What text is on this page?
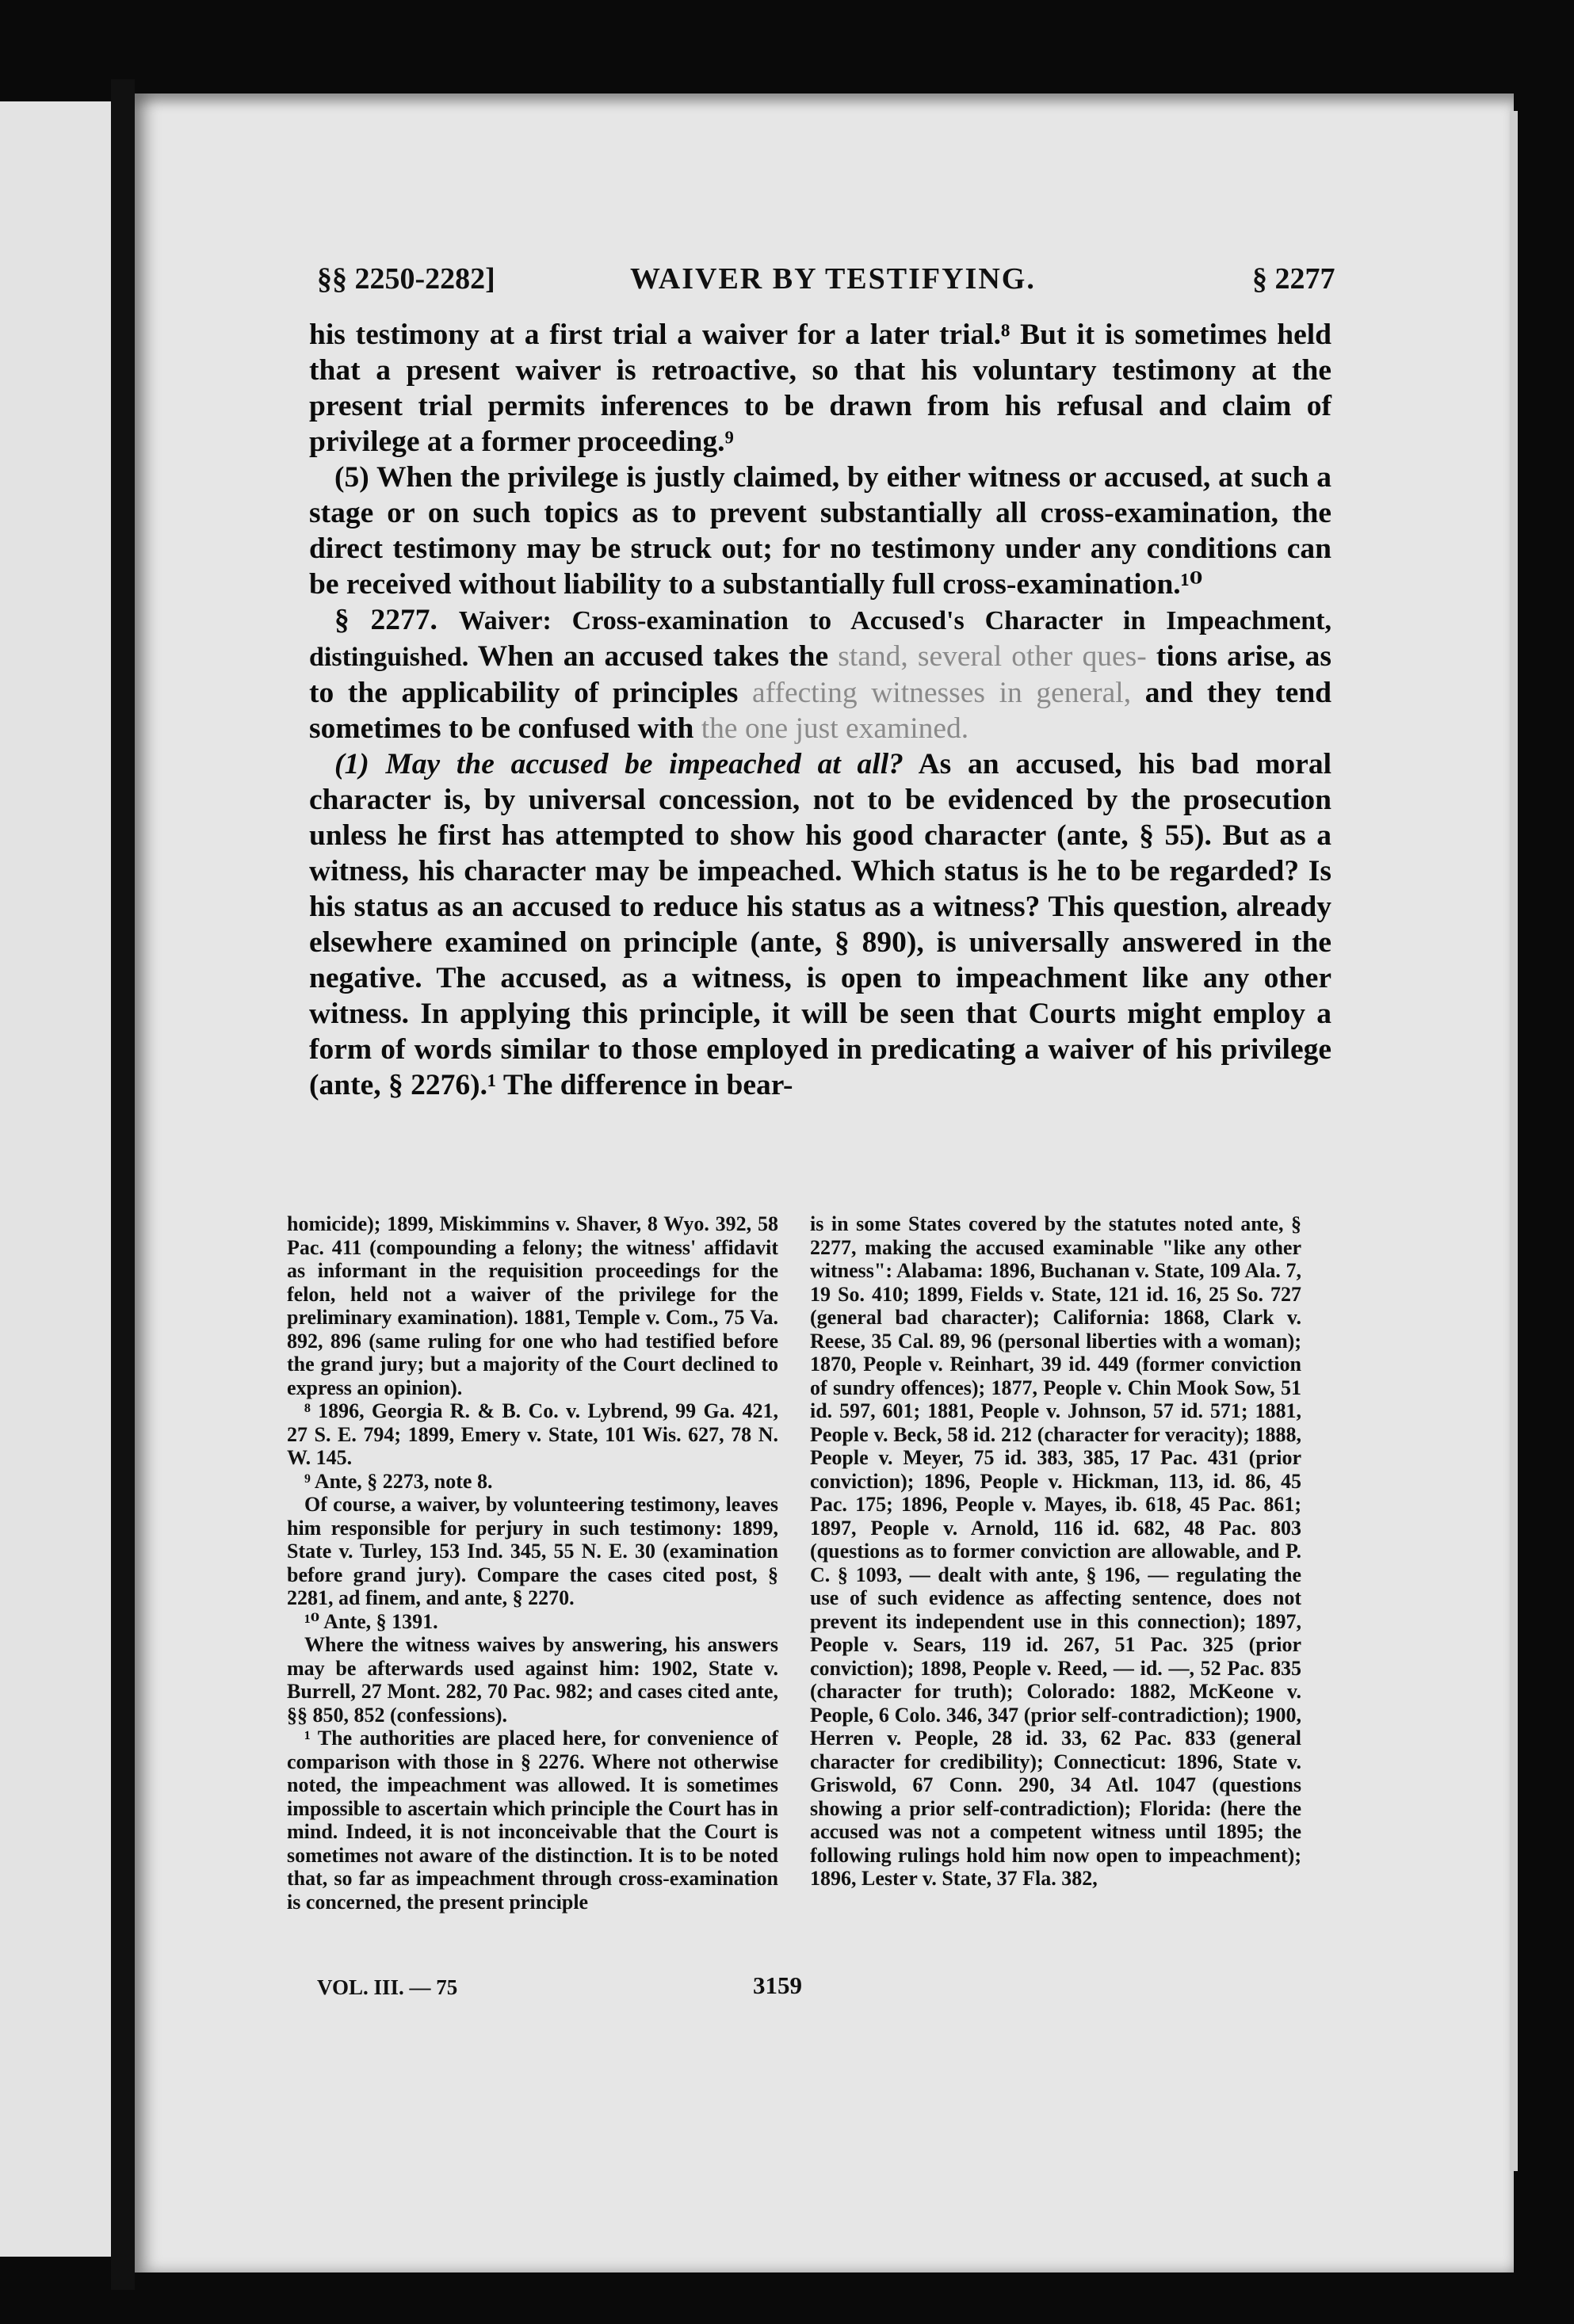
§§ 2250-2282]	WAIVER BY TESTIFYING.	§ 2277

his testimony at a first trial a waiver for a later trial.⁸ But it is sometimes held that a present waiver is retroactive, so that his voluntary testimony at the present trial permits inferences to be drawn from his refusal and claim of privilege at a former proceeding.⁹

(5) When the privilege is justly claimed, by either witness or accused, at such a stage or on such topics as to prevent substantially all cross-examination, the direct testimony may be struck out; for no testimony under any conditions can be received without liability to a substantially full cross-examination.¹⁰

§ 2277. Waiver: Cross-examination to Accused's Character in Impeachment, distinguished. When an accused takes the stand, several other ques- tions arise, as to the applicability of principles affecting witnesses in general, and they tend sometimes to be confused with the one just examined.

(1) May the accused be impeached at all? As an accused, his bad moral character is, by universal concession, not to be evidenced by the prosecution unless he first has attempted to show his good character (ante, § 55). But as a witness, his character may be impeached. Which status is he to be regarded? Is his status as an accused to reduce his status as a witness? This question, already elsewhere examined on principle (ante, § 890), is universally answered in the negative. The accused, as a witness, is open to impeachment like any other witness. In applying this principle, it will be seen that Courts might employ a form of words similar to those employed in predicating a waiver of his privilege (ante, § 2276).¹ The difference in bear-

homicide); 1899, Miskimmins v. Shaver, 8 Wyo. 392, 58 Pac. 411 (compounding a felony; the witness' affidavit as informant in the requisition proceedings for the felon, held not a waiver of the privilege for the preliminary examination). 1881, Temple v. Com., 75 Va. 892, 896 (same ruling for one who had testified before the grand jury; but a majority of the Court declined to express an opinion).

⁸ 1896, Georgia R. & B. Co. v. Lybrend, 99 Ga. 421, 27 S. E. 794; 1899, Emery v. State, 101 Wis. 627, 78 N. W. 145.

⁹ Ante, § 2273, note 8.

Of course, a waiver, by volunteering testimony, leaves him responsible for perjury in such testimony: 1899, State v. Turley, 153 Ind. 345, 55 N. E. 30 (examination before grand jury). Compare the cases cited post, § 2281, ad finem, and ante, § 2270.

¹⁰ Ante, § 1391.

Where the witness waives by answering, his answers may be afterwards used against him: 1902, State v. Burrell, 27 Mont. 282, 70 Pac. 982; and cases cited ante, §§ 850, 852 (confessions).

¹ The authorities are placed here, for convenience of comparison with those in § 2276. Where not otherwise noted, the impeachment was allowed. It is sometimes impossible to ascertain which principle the Court has in mind. Indeed, it is not inconceivable that the Court is sometimes not aware of the distinction. It is to be noted that, so far as impeachment through cross-examination is concerned, the present principle

is in some States covered by the statutes noted ante, § 2277, making the accused examinable "like any other witness": Alabama: 1896, Buchanan v. State, 109 Ala. 7, 19 So. 410; 1899, Fields v. State, 121 id. 16, 25 So. 727 (general bad character); California: 1868, Clark v. Reese, 35 Cal. 89, 96 (personal liberties with a woman); 1870, People v. Reinhart, 39 id. 449 (former conviction of sundry offences); 1877, People v. Chin Mook Sow, 51 id. 597, 601; 1881, People v. Johnson, 57 id. 571; 1881, People v. Beck, 58 id. 212 (character for veracity); 1888, People v. Meyer, 75 id. 383, 385, 17 Pac. 431 (prior conviction); 1896, People v. Hickman, 113, id. 86, 45 Pac. 175; 1896, People v. Mayes, ib. 618, 45 Pac. 861; 1897, People v. Arnold, 116 id. 682, 48 Pac. 803 (questions as to former conviction are allowable, and P. C. § 1093, — dealt with ante, § 196, — regulating the use of such evidence as affecting sentence, does not prevent its independent use in this connection); 1897, People v. Sears, 119 id. 267, 51 Pac. 325 (prior conviction); 1898, People v. Reed, — id. —, 52 Pac. 835 (character for truth); Colorado: 1882, McKeone v. People, 6 Colo. 346, 347 (prior self-contradiction); 1900, Herren v. People, 28 id. 33, 62 Pac. 833 (general character for credibility); Connecticut: 1896, State v. Griswold, 67 Conn. 290, 34 Atl. 1047 (questions showing a prior self-contradiction); Florida: (here the accused was not a competent witness until 1895; the following rulings hold him now open to impeachment); 1896, Lester v. State, 37 Fla. 382,

VOL. III. — 75	3159
